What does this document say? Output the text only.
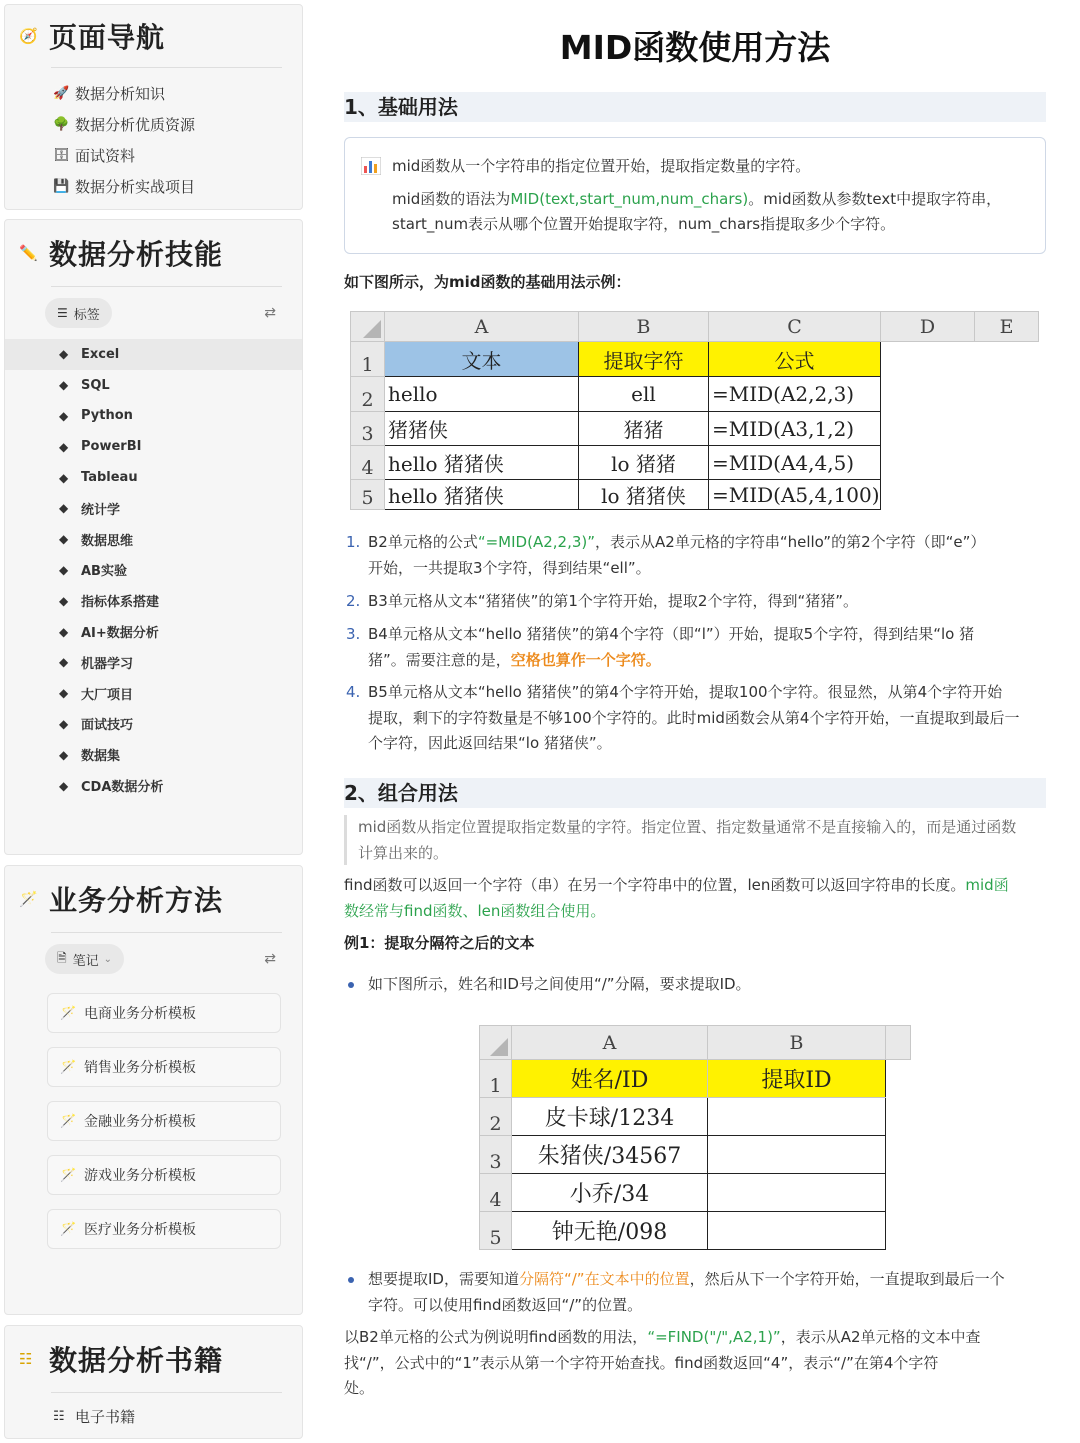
🧭 页面导航
🚀 数据分析知识
🌳 数据分析优质资源
🗄 面试资料
💾 数据分析实战项目
✏️ 数据分析技能
☰ 标签	⇄
◆ Excel
◆ SQL
◆ Python
◆ PowerBI
◆ Tableau
◆ 统计学
◆ 数据思维
◆ AB实验
◆ 指标体系搭建
◆ AI+数据分析
◆ 机器学习
◆ 大厂项目
◆ 面试技巧
◆ 数据集
◆ CDA数据分析
🪄 业务分析方法
🗎 笔记 ⌄	⇄
🪄 电商业务分析模板
🪄 销售业务分析模板
🪄 金融业务分析模板
🪄 游戏业务分析模板
🪄 医疗业务分析模板
☷ 数据分析书籍
☷ 电子书籍
MID函数使用方法
1、基础用法
mid函数从一个字符串的指定位置开始，提取指定数量的字符。
mid函数的语法为MID(text,start_num,num_chars)。mid函数从参数text中提取字符串，
start_num表示从哪个位置开始提取字符，num_chars指提取多少个字符。
如下图所示，为mid函数的基础用法示例：
	A	B	C	D	E
1	文本	提取字符	公式		
2	hello	ell	=MID(A2,2,3)		
3	猪猪侠	猪猪	=MID(A3,1,2)		
4	hello 猪猪侠	lo 猪猪	=MID(A4,4,5)		
5	hello 猪猪侠	lo 猪猪侠	=MID(A5,4,100)		
1. B2单元格的公式“=MID(A2,2,3)”，表示从A2单元格的字符串“hello”的第2个字符（即“e”）
开始，一共提取3个字符，得到结果“ell”。
2. B3单元格从文本“猪猪侠”的第1个字符开始，提取2个字符，得到“猪猪”。
3. B4单元格从文本“hello 猪猪侠”的第4个字符（即“l”）开始，提取5个字符，得到结果“lo 猪
猪”。需要注意的是，空格也算作一个字符。
4. B5单元格从文本“hello 猪猪侠”的第4个字符开始，提取100个字符。很显然，从第4个字符开始
提取，剩下的字符数量是不够100个字符的。此时mid函数会从第4个字符开始，一直提取到最后一
个字符，因此返回结果“lo 猪猪侠”。
2、组合用法
mid函数从指定位置提取指定数量的字符。指定位置、指定数量通常不是直接输入的，而是通过函数
计算出来的。
find函数可以返回一个字符（串）在另一个字符串中的位置，len函数可以返回字符串的长度。mid函
数经常与find函数、len函数组合使用。
例1：提取分隔符之后的文本
如下图所示，姓名和ID号之间使用“/”分隔，要求提取ID。
	A	B	
1	姓名/ID	提取ID	
2	皮卡球/1234		
3	朱猪侠/34567		
4	小乔/34		
5	钟无艳/098		
想要提取ID，需要知道分隔符“/”在文本中的位置，然后从下一个字符开始，一直提取到最后一个
字符。可以使用find函数返回“/”的位置。
以B2单元格的公式为例说明find函数的用法，“=FIND("/",A2,1)”，表示从A2单元格的文本中查
找“/”，公式中的“1”表示从第一个字符开始查找。find函数返回“4”，表示“/”在第4个字符
处。
